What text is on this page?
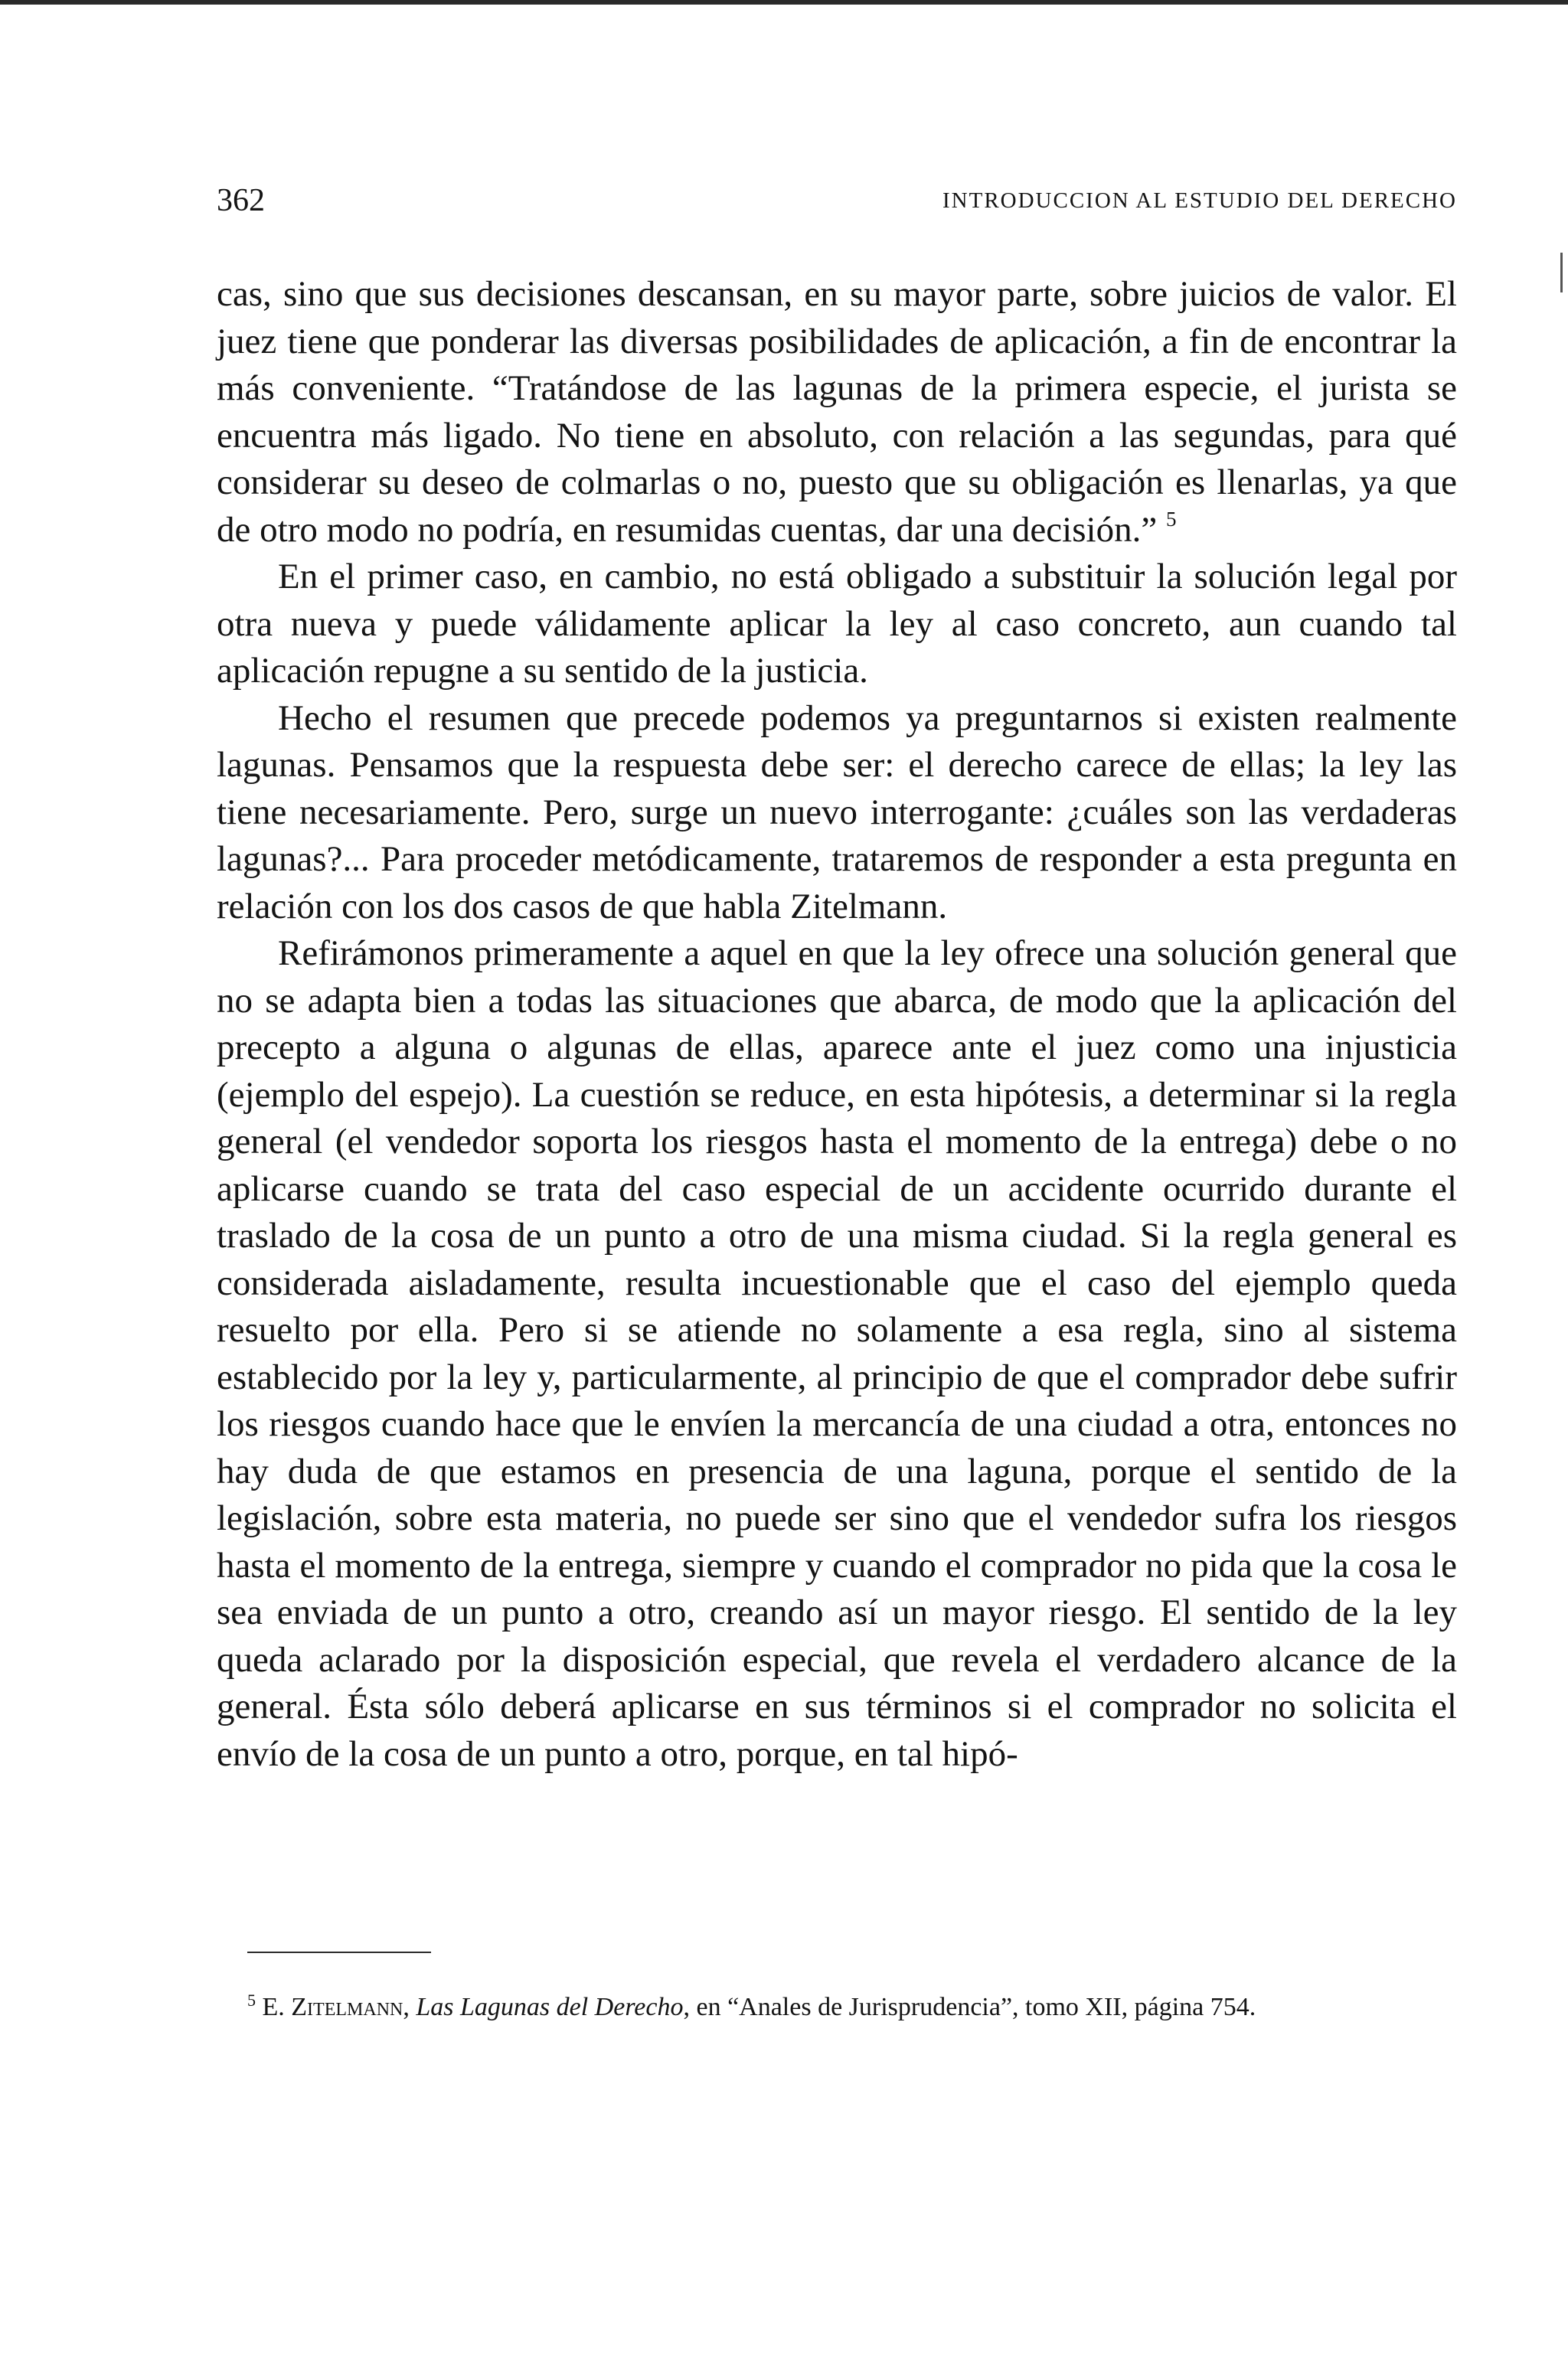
362	INTRODUCCION AL ESTUDIO DEL DERECHO

cas, sino que sus decisiones descansan, en su mayor parte, sobre juicios de valor. El juez tiene que ponderar las diversas posibilidades de aplicación, a fin de encontrar la más conveniente. “Tratándose de las lagunas de la primera especie, el jurista se encuentra más ligado. No tiene en absoluto, con relación a las segundas, para qué considerar su deseo de colmarlas o no, puesto que su obligación es llenarlas, ya que de otro modo no podría, en resumidas cuentas, dar una decisión.” $^5$

En el primer caso, en cambio, no está obligado a substituir la solución legal por otra nueva y puede válidamente aplicar la ley al caso concreto, aun cuando tal aplicación repugne a su sentido de la justicia.

Hecho el resumen que precede podemos ya preguntarnos si existen realmente lagunas. Pensamos que la respuesta debe ser: el derecho carece de ellas; la ley las tiene necesariamente. Pero, surge un nuevo interrogante: ¿cuáles son las verdaderas lagunas?... Para proceder metódicamente, trataremos de responder a esta pregunta en relación con los dos casos de que habla Zitelmann.

Refirámonos primeramente a aquel en que la ley ofrece una solución general que no se adapta bien a todas las situaciones que abarca, de modo que la aplicación del precepto a alguna o algunas de ellas, aparece ante el juez como una injusticia (ejemplo del espejo). La cuestión se reduce, en esta hipótesis, a determinar si la regla general (el vendedor soporta los riesgos hasta el momento de la entrega) debe o no aplicarse cuando se trata del caso especial de un accidente ocurrido durante el traslado de la cosa de un punto a otro de una misma ciudad. Si la regla general es considerada aisladamente, resulta incuestionable que el caso del ejemplo queda resuelto por ella. Pero si se atiende no solamente a esa regla, sino al sistema establecido por la ley y, particularmente, al principio de que el comprador debe sufrir los riesgos cuando hace que le envíen la mercancía de una ciudad a otra, entonces no hay duda de que estamos en presencia de una laguna, porque el sentido de la legislación, sobre esta materia, no puede ser sino que el vendedor sufra los riesgos hasta el momento de la entrega, siempre y cuando el comprador no pida que la cosa le sea enviada de un punto a otro, creando así un mayor riesgo. El sentido de la ley queda aclarado por la disposición especial, que revela el verdadero alcance de la general. Ésta sólo deberá aplicarse en sus términos si el comprador no solicita el envío de la cosa de un punto a otro, porque, en tal hipó-

$^5$ E. Zitelmann, Las Lagunas del Derecho, en “Anales de Jurisprudencia”, tomo XII, página 754.
